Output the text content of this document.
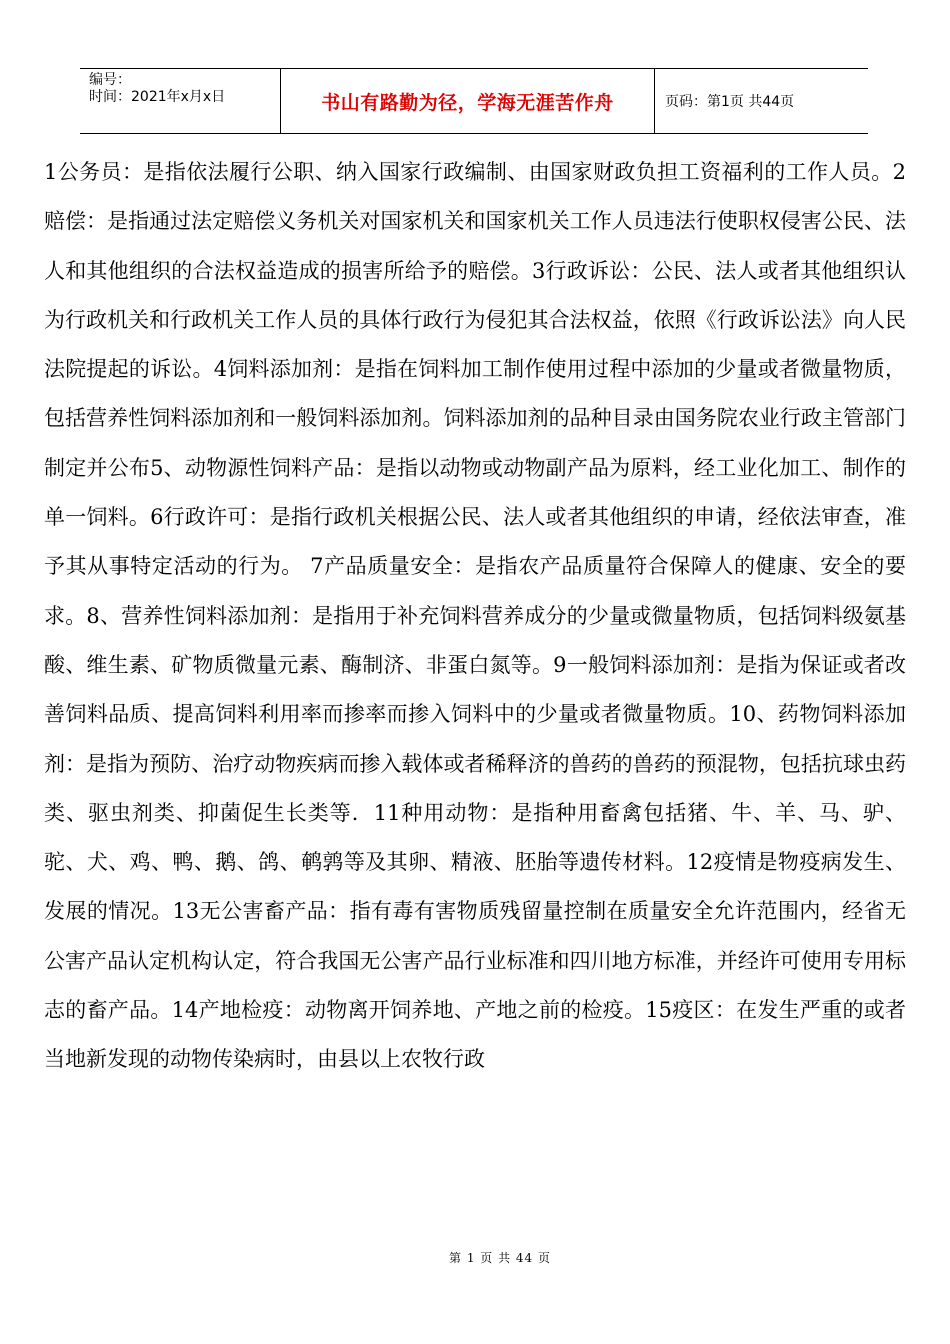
编号：
时间：2021年x月x日	书山有路勤为径，学海无涯苦作舟	页码：第1页 共44页

1公务员：是指依法履行公职、纳入国家行政编制、由国家财政负担工资福利的工作人员。2赔偿：是指通过法定赔偿义务机关对国家机关和国家机关工作人员违法行使职权侵害公民、法人和其他组织的合法权益造成的损害所给予的赔偿。3行政诉讼：公民、法人或者其他组织认为行政机关和行政机关工作人员的具体行政行为侵犯其合法权益，依照《行政诉讼法》向人民法院提起的诉讼。4饲料添加剂：是指在饲料加工制作使用过程中添加的少量或者微量物质，包括营养性饲料添加剂和一般饲料添加剂。饲料添加剂的品种目录由国务院农业行政主管部门制定并公布5、动物源性饲料产品：是指以动物或动物副产品为原料，经工业化加工、制作的单一饲料。6行政许可：是指行政机关根据公民、法人或者其他组织的申请，经依法审查，准予其从事特定活动的行为。 7产品质量安全：是指农产品质量符合保障人的健康、安全的要求。8、营养性饲料添加剂：是指用于补充饲料营养成分的少量或微量物质，包括饲料级氨基酸、维生素、矿物质微量元素、酶制济、非蛋白氮等。9一般饲料添加剂：是指为保证或者改善饲料品质、提高饲料利用率而掺率而掺入饲料中的少量或者微量物质。10、药物饲料添加剂：是指为预防、治疗动物疾病而掺入载体或者稀释济的兽药的兽药的预混物，包括抗球虫药类、驱虫剂类、抑菌促生长类等．11种用动物：是指种用畜禽包括猪、牛、羊、马、驴、驼、犬、鸡、鸭、鹅、鸽、鹌鹑等及其卵、精液、胚胎等遗传材料。12疫情是物疫病发生、发展的情况。13无公害畜产品：指有毒有害物质残留量控制在质量安全允许范围内，经省无公害产品认定机构认定，符合我国无公害产品行业标准和四川地方标准，并经许可使用专用标志的畜产品。14产地检疫：动物离开饲养地、产地之前的检疫。15疫区：在发生严重的或者当地新发现的动物传染病时，由县以上农牧行政

第 1 页 共 44 页
